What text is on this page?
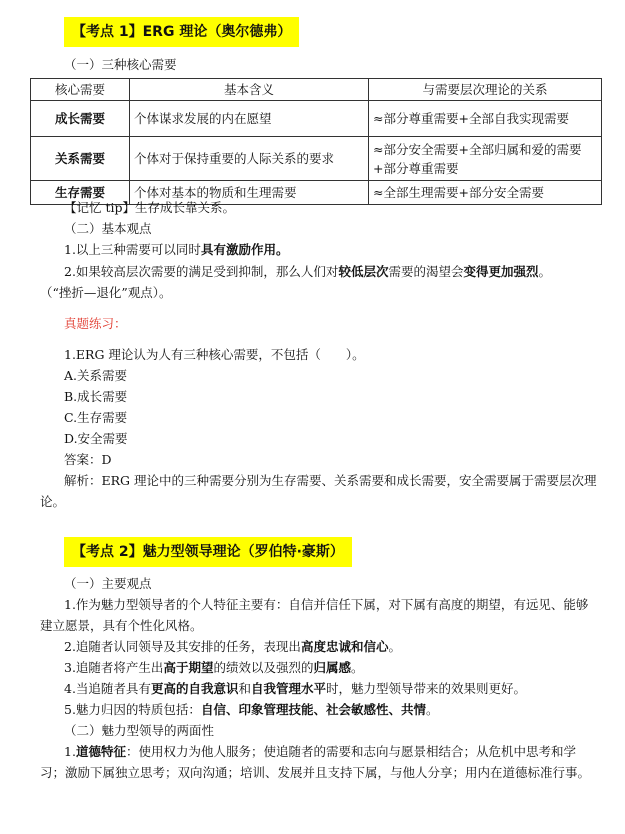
【考点 1】ERG 理论（奥尔德弗）
（一）三种核心需要
核心需要	基本含义	与需要层次理论的关系
成长需要	个体谋求发展的内在愿望	≈部分尊重需要+全部自我实现需要
关系需要	个体对于保持重要的人际关系的要求	≈部分安全需要+全部归属和爱的需要+部分尊重需要
生存需要	个体对基本的物质和生理需要	≈全部生理需要+部分安全需要
【记忆 tip】生存成长靠关系。
（二）基本观点
1.以上三种需要可以同时具有激励作用。
2.如果较高层次需要的满足受到抑制，那么人们对较低层次需要的渴望会变得更加强烈。
（“挫折—退化”观点）。
真题练习：
1.ERG 理论认为人有三种核心需要，不包括（　　）。
A.关系需要
B.成长需要
C.生存需要
D.安全需要
答案：D
解析：ERG 理论中的三种需要分别为生存需要、关系需要和成长需要，安全需要属于需要层次理论。
【考点 2】魅力型领导理论（罗伯特·豪斯）
（一）主要观点
1.作为魅力型领导者的个人特征主要有：自信并信任下属，对下属有高度的期望，有远见、能够建立愿景，具有个性化风格。
2.追随者认同领导及其安排的任务，表现出高度忠诚和信心。
3.追随者将产生出高于期望的绩效以及强烈的归属感。
4.当追随者具有更高的自我意识和自我管理水平时，魅力型领导带来的效果则更好。
5.魅力归因的特质包括：自信、印象管理技能、社会敏感性、共情。
（二）魅力型领导的两面性
1.道德特征：使用权力为他人服务；使追随者的需要和志向与愿景相结合；从危机中思考和学习；激励下属独立思考；双向沟通；培训、发展并且支持下属，与他人分享；用内在道德标准行事。
